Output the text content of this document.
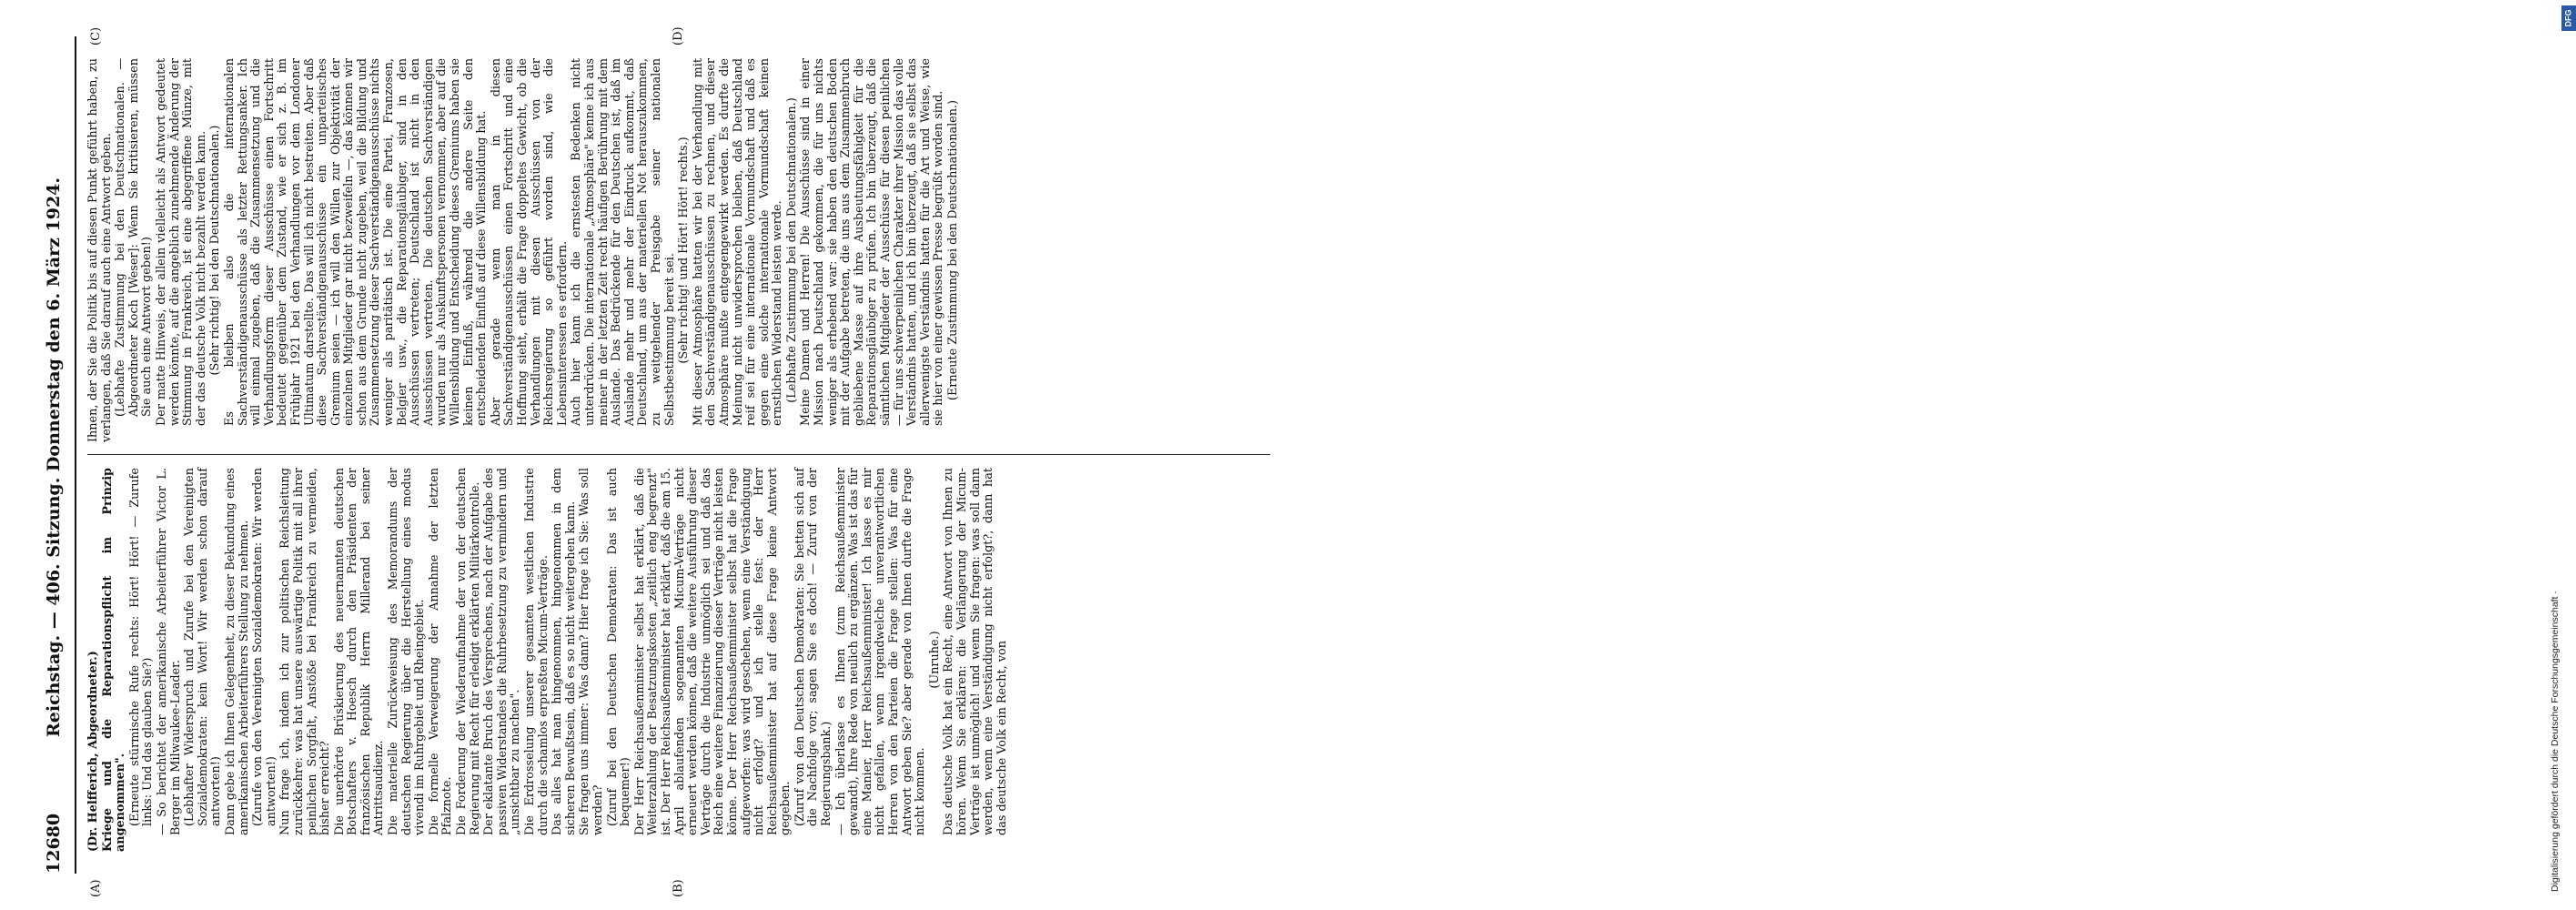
12680
Reichstag. — 406. Sitzung. Donnerstag den 6. März 1924.
(A)	(B)
(C)	(D)

(Dr. Helfferich, Abgeordneter.) Kriege und die Reparationspflicht im Prinzip angenommen". (Erneute stürmische Rufe rechts: Hört! Hört! — Zurufe links: Und das glauben Sie?) — So berichtet der amerikanische Arbeiterführer Victor L. Berger im Milwaukee-Leader. (Lebhafter Widerspruch und Zurufe bei den Vereinigten Sozialdemokraten: kein Wort! Wir werden schon darauf antworten!) Dann gebe ich Ihnen Gelegenheit, zu dieser Bekundung eines amerikanischen Arbeiterführers Stellung zu nehmen. (Zurufe von den Vereinigten Sozialdemokraten: Wir werden antworten!) Nun frage ich, indem ich zur politischen Reichsleitung zurückkehre: was hat unsere auswärtige Politik mit all ihrer peinlichen Sorgfalt, Anstöße bei Frankreich zu vermeiden, bisher erreicht? Die unerhörte Brüskierung des neuernannten deutschen Botschafters v. Hoesch durch den Präsidenten der französischen Republik Herrn Millerand bei seiner Antrittsaudienz. Die materielle Zurückweisung des Memorandums der deutschen Regierung über die Herstellung eines modus vivendi im Ruhrgebiet und Rheingebiet. Die formelle Verweigerung der Annahme der letzten Pfalznote. Die Forderung der Wiederaufnahme der von der deutschen Regierung mit Recht für erledigt erklärten Militärkontrolle. Der eklatante Bruch des Versprechens, nach der Aufgabe des passiven Widerstandes die Ruhrbesetzung zu vermindern und „unsichtbar zu machen". Die Erdrosselung unserer gesamten westlichen Industrie durch die schamlos erpreßten Micum-Verträge. Das alles hat man hingenommen, hingenommen in dem sicheren Bewußtsein, daß es so nicht weitergehen kann. Sie fragen uns immer: Was dann? Hier frage ich Sie: Was soll werden? (Zuruf bei den Deutschen Demokraten: Das ist auch bequemer!) Der Herr Reichsaußenminister selbst hat erklärt, daß die Weiterzahlung der Besatzungskosten „zeitlich eng begrenzt" ist. Der Herr Reichsaußenminister hat erklärt, daß die am 15. April ablaufenden sogenannten Micum-Verträge nicht erneuert werden können, daß die weitere Ausführung dieser Verträge durch die Industrie unmöglich sei und daß das Reich eine weitere Finanzierung dieser Verträge nicht leisten könne. Der Herr Reichsaußenminister selbst hat die Frage aufgeworfen: was wird geschehen, wenn eine Verständigung nicht erfolgt? und ich stelle fest: der Herr Reichsaußenminister hat auf diese Frage keine Antwort gegeben. (Zuruf von den Deutschen Demokraten: Sie betten sich auf die Nachfolge vor; sagen Sie es doch! — Zuruf von der Regierungsbank.) — Ich überlasse es Ihnen (zum Reichsaußenminister gewandt), Ihre Rede von neulich zu ergänzen. Was ist das für eine Manier, Herr Reichsaußenminister! Ich lasse es mir nicht gefallen, wenn irgendwelche unverantwortlichen Herren von den Parteien die Frage stellen: Was für eine Antwort geben Sie? aber gerade von Ihnen durfte die Frage nicht kommen.

(Unruhe.) Das deutsche Volk hat ein Recht, eine Antwort von Ihnen zu hören. Wenn Sie erklären: die Verlängerung der Micum-Verträge ist unmöglich! und wenn Sie fragen: was soll dann werden, wenn eine Verständigung nicht erfolgt?, dann hat das deutsche Volk ein Recht, von

Ihnen, der Sie die Politik bis auf diesen Punkt geführt haben, zu verlangen, daß Sie darauf auch eine Antwort geben. (Lebhafte Zustimmung bei den Deutschnationalen. — Abgeordneter Koch [Weser]: Wenn Sie kritisieren, müssen Sie auch eine Antwort geben!) Der matte Hinweis, der allein vielleicht als Antwort gedeutet werden könnte, auf die angeblich zunehmende Änderung der Stimmung in Frankreich, ist eine abgegriffene Münze, mit der das deutsche Volk nicht bezahlt werden kann. (Sehr richtig! bei den Deutschnationalen.) Es bleiben also die internationalen Sachverständigenausschüsse als letzter Rettungsanker. Ich will einmal zugeben, daß die Zusammensetzung und die Verhandlungsform dieser Ausschüsse einen Fortschritt bedeutet gegenüber dem Zustand, wie er sich z. B. im Frühjahr 1921 bei den Verhandlungen vor dem Londoner Ultimatum darstellte. Das will ich nicht bestreiten. Aber daß diese Sachverständigenausschüsse ein unparteiisches Gremium seien — ich will den Willen zur Objektivität der einzelnen Mitglieder gar nicht bezweifeln —, das können wir schon aus dem Grunde nicht zugeben, weil die Bildung und Zusammensetzung dieser Sachverständigenausschüsse nichts weniger als paritätisch ist. Die eine Partei, Franzosen, Belgier usw., die Reparationsgläubiger, sind in den Ausschüssen vertreten; Deutschland ist nicht in den Ausschüssen vertreten. Die deutschen Sachverständigen wurden nur als Auskunftspersonen vernommen, aber auf die Willensbildung und Entscheidung dieses Gremiums haben sie keinen Einfluß, während die andere Seite den entscheidenden Einfluß auf diese Willensbildung hat. Aber gerade wenn man in diesen Sachverständigenausschüssen einen Fortschritt und eine Hoffnung sieht, erhält die Frage doppeltes Gewicht, ob die Verhandlungen mit diesen Ausschüssen von der Reichsregierung so geführt worden sind, wie die Lebensinteressen es erfordern. Auch hier kann ich die ernstesten Bedenken nicht unterdrücken. Die internationale „Atmosphäre" kenne ich aus meiner in der letzten Zeit recht häufigen Berührung mit dem Auslande. Das Bedrückende für den Deutschen ist, daß im Auslande mehr und mehr der Eindruck aufkommt, daß Deutschland, um aus der materiellen Not herauszukommen, zu weitgehender Preisgabe seiner nationalen Selbstbestimmung bereit sei. (Sehr richtig! und Hört! Hört! rechts.) Mit dieser Atmosphäre hatten wir bei der Verhandlung mit den Sachverständigenausschüssen zu rechnen, und dieser Atmosphäre mußte entgegengewirkt werden. Es durfte die Meinung nicht unwidersprochen bleiben, daß Deutschland reif sei für eine internationale Vormundschaft und daß es gegen eine solche internationale Vormundschaft keinen ernstlichen Widerstand leisten werde. (Lebhafte Zustimmung bei den Deutschnationalen.) Meine Damen und Herren! Die Ausschüsse sind in einer Mission nach Deutschland gekommen, die für uns nichts weniger als erhebend war: sie haben den deutschen Boden mit der Aufgabe betreten, die uns aus dem Zusammenbruch gebliebene Masse auf ihre Ausbeutungsfähigkeit für die Reparationsgläubiger zu prüfen. Ich bin überzeugt, daß die sämtlichen Mitglieder der Ausschüsse für diesen peinlichen — für uns schwerpeinlichen Charakter ihrer Mission das volle Verständnis hatten, und ich bin überzeugt, daß sie selbst das allerwenigste Verständnis hatten für die Art und Weise, wie sie hier von einer gewissen Presse begrüßt worden sind. (Erneute Zustimmung bei den Deutschnationalen.)

Digitalisierung gefördert durch die Deutsche Forschungsgemeinschaft ·
DFG
